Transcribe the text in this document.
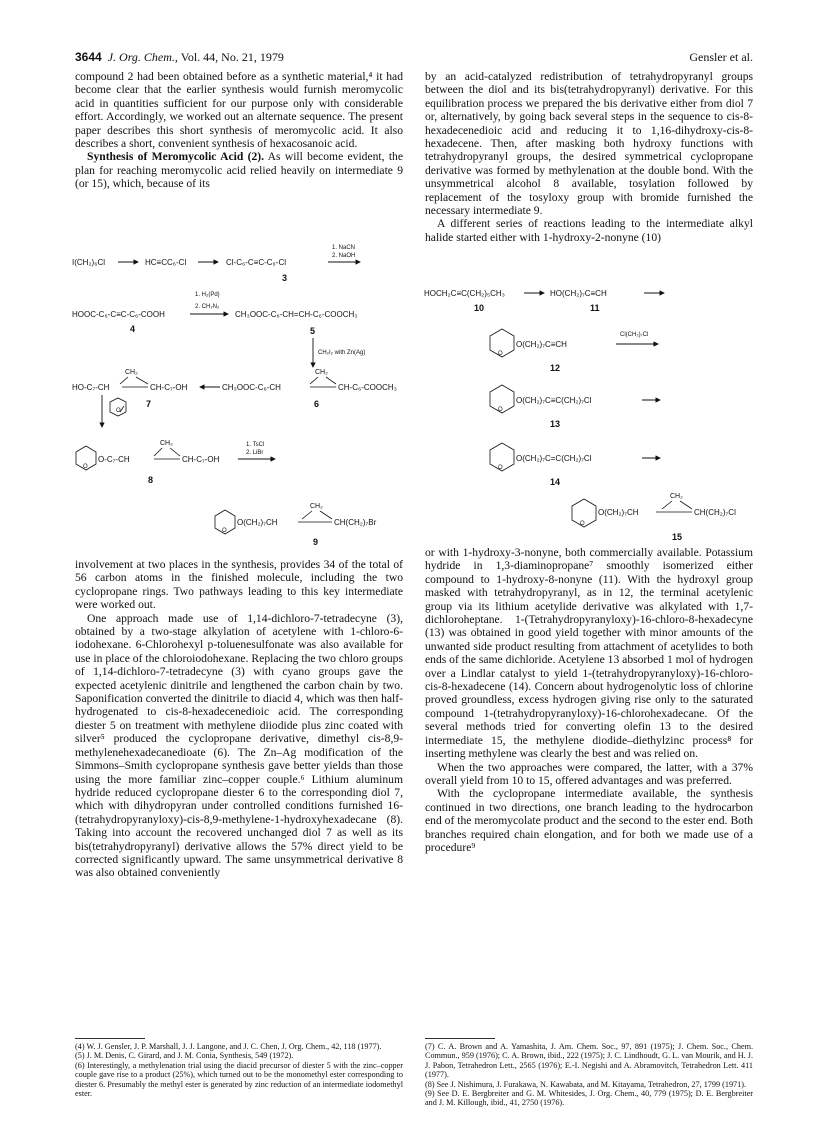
3644 J. Org. Chem., Vol. 44, No. 21, 1979	Gensler et al.

compound 2 had been obtained before as a synthetic material,⁴ it had become clear that the earlier synthesis would furnish meromycolic acid in quantities sufficient for our purpose only with considerable effort. Accordingly, we worked out an alternate sequence. The present paper describes this short synthesis of meromycolic acid. It also describes a short, convenient synthesis of hexacosanoic acid.

Synthesis of Meromycolic Acid (2). As will become evident, the plan for reaching meromycolic acid relied heavily on intermediate 9 (or 15), which, because of its

I(CH₂)₆Cl	HC≡CC₆-Cl	Cl-C₆-C≡C-C₆-Cl
1. NaCN
2. NaOH
3
HOOC-C₆-C≡C-C₆-COOH
1. H₂(Pd)
2. CH₂N₂
CH₃OOC-C₆-CH=CH-C₆-COOCH₃
4	5
CH₂I₂ with Zn(Ag)
CH₂
HO-C₇-CH	CH-C₇-OH
CH₂
CH₃OOC-C₆-CH	CH-C₆-COOCH₃
7	6
O
O
CH₂
O-C₇-CH	CH-C₇-OH
1. TsCl
2. LiBr
8
O
CH₂
O(CH₂)₇CH	CH(CH₂)₇Br
9

involvement at two places in the synthesis, provides 34 of the total of 56 carbon atoms in the finished molecule, including the two cyclopropane rings. Two pathways leading to this key intermediate were worked out.

One approach made use of 1,14-dichloro-7-tetradecyne (3), obtained by a two-stage alkylation of acetylene with 1-chloro-6-iodohexane. 6-Chlorohexyl p-toluenesulfonate was also available for use in place of the chloroiodohexane. Replacing the two chloro groups of 1,14-dichloro-7-tetradecyne (3) with cyano groups gave the expected acetylenic dinitrile and lengthened the carbon chain by two. Saponification converted the dinitrile to diacid 4, which was then half-hydrogenated to cis-8-hexadecenedioic acid. The corresponding diester 5 on treatment with methylene diiodide plus zinc coated with silver⁵ produced the cyclopropane derivative, dimethyl cis-8,9-methylenehexadecanedioate (6). The Zn–Ag modification of the Simmons–Smith cyclopropane synthesis gave better yields than those using the more familiar zinc–copper couple.⁶ Lithium aluminum hydride reduced cyclopropane diester 6 to the corresponding diol 7, which with dihydropyran under controlled conditions furnished 16-(tetrahydropyranyloxy)-cis-8,9-methylene-1-hydroxyhexadecane (8). Taking into account the recovered unchanged diol 7 as well as its bis(tetrahydropyranyl) derivative allows the 57% direct yield to be corrected significantly upward. The same unsymmetrical derivative 8 was also obtained conveniently

by an acid-catalyzed redistribution of tetrahydropyranyl groups between the diol and its bis(tetrahydropyranyl) derivative. For this equilibration process we prepared the bis derivative either from diol 7 or, alternatively, by going back several steps in the sequence to cis-8-hexadecenedioic acid and reducing it to 1,16-dihydroxy-cis-8-hexadecene. Then, after masking both hydroxy functions with tetrahydropyranyl groups, the desired symmetrical cyclopropane derivative was formed by methylenation at the double bond. With the unsymmetrical alcohol 8 available, tosylation followed by replacement of the tosyloxy group with bromide furnished the necessary intermediate 9.

A different series of reactions leading to the intermediate alkyl halide started either with 1-hydroxy-2-nonyne (10)

HOCH₂C≡C(CH₂)₅CH₃	HO(CH₂)₇C≡CH
10	11
O
O(CH₂)₇C≡CH
Cl(CH₂)₇Cl
12
O
O(CH₂)₇C≡C(CH₂)₇Cl
13
O
O(CH₂)₇C=C(CH₂)₇Cl
14
O
CH₂
O(CH₂)₇CH	CH(CH₂)₇Cl
15

or with 1-hydroxy-3-nonyne, both commercially available. Potassium hydride in 1,3-diaminopropane⁷ smoothly isomerized either compound to 1-hydroxy-8-nonyne (11). With the hydroxyl group masked with tetrahydropyranyl, as in 12, the terminal acetylenic group via its lithium acetylide derivative was alkylated with 1,7-dichloroheptane. 1-(Tetrahydropyranyloxy)-16-chloro-8-hexadecyne (13) was obtained in good yield together with minor amounts of the unwanted side product resulting from attachment of acetylides to both ends of the same dichloride. Acetylene 13 absorbed 1 mol of hydrogen over a Lindlar catalyst to yield 1-(tetrahydropyranyloxy)-16-chloro-cis-8-hexadecene (14). Concern about hydrogenolytic loss of chlorine proved groundless, excess hydrogen giving rise only to the saturated compound 1-(tetrahydropyranyloxy)-16-chlorohexadecane. Of the several methods tried for converting olefin 13 to the desired intermediate 15, the methylene diodide–diethylzinc process⁸ for inserting methylene was clearly the best and was relied on.

When the two approaches were compared, the latter, with a 37% overall yield from 10 to 15, offered advantages and was preferred.

With the cyclopropane intermediate available, the synthesis continued in two directions, one branch leading to the hydrocarbon end of the meromycolate product and the second to the ester end. Both branches required chain elongation, and for both we made use of a procedure⁹

(4) W. J. Gensler, J. P. Marshall, J. J. Langone, and J. C. Chen, J. Org. Chem., 42, 118 (1977).

(5) J. M. Denis, C. Girard, and J. M. Conia, Synthesis, 549 (1972).

(6) Interestingly, a methylenation trial using the diacid precursor of diester 5 with the zinc–copper couple gave rise to a product (25%), which turned out to be the monomethyl ester corresponding to diester 6. Presumably the methyl ester is generated by zinc reduction of an intermediate iodomethyl ester.

(7) C. A. Brown and A. Yamashita, J. Am. Chem. Soc., 97, 891 (1975); J. Chem. Soc., Chem. Commun., 959 (1976); C. A. Brown, ibid., 222 (1975); J. C. Lindhoudt, G. L. van Mourik, and H. J. J. Pabon, Tetrahedron Lett., 2565 (1976); E.-I. Negishi and A. Abramovitch, Tetrahedron Lett. 411 (1977).

(8) See J. Nishimura, J. Furakawa, N. Kawabata, and M. Kitayama, Tetrahedron, 27, 1799 (1971).

(9) See D. E. Bergbreiter and G. M. Whitesides, J. Org. Chem., 40, 779 (1975); D. E. Bergbreiter and J. M. Killough, ibid., 41, 2750 (1976).
